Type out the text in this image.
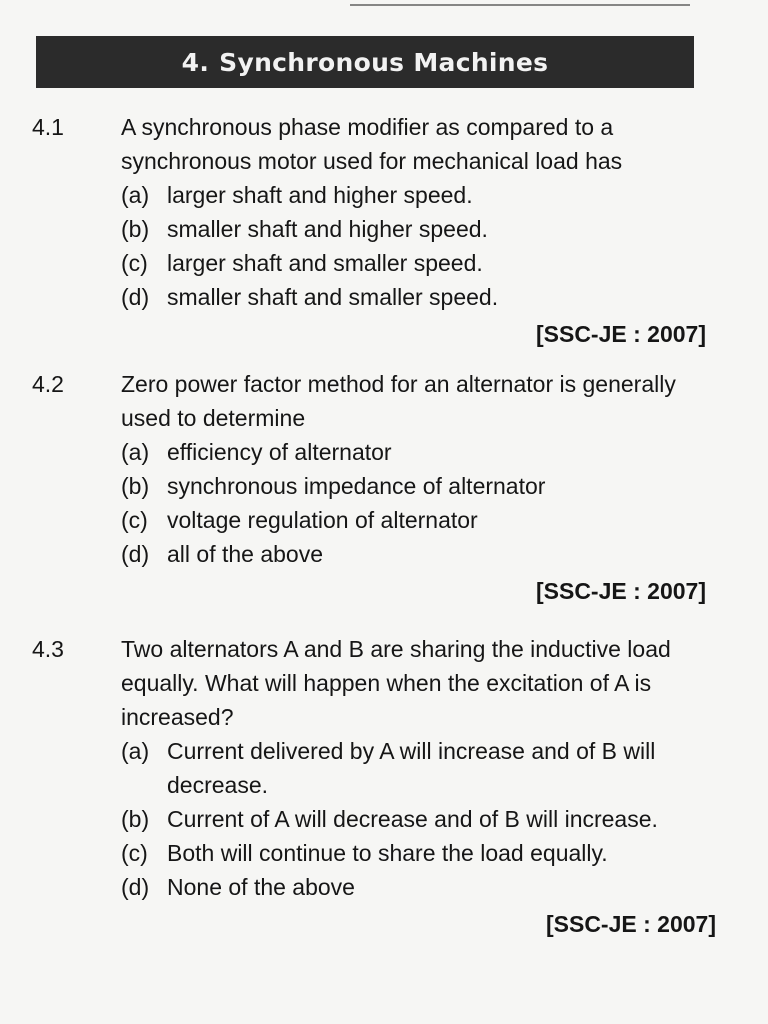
4. Synchronous Machines
4.1 A synchronous phase modifier as compared to a synchronous motor used for mechanical load has

(a) larger shaft and higher speed.
(b) smaller shaft and higher speed.
(c) larger shaft and smaller speed.
(d) smaller shaft and smaller speed.
[SSC-JE : 2007]
4.2 Zero power factor method for an alternator is generally used to determine

(a) efficiency of alternator
(b) synchronous impedance of alternator
(c) voltage regulation of alternator
(d) all of the above
[SSC-JE : 2007]
4.3 Two alternators A and B are sharing the inductive load equally. What will happen when the excitation of A is increased?

(a) Current delivered by A will increase and of B will decrease.
(b) Current of A will decrease and of B will increase.
(c) Both will continue to share the load equally.
(d) None of the above
[SSC-JE : 2007]
